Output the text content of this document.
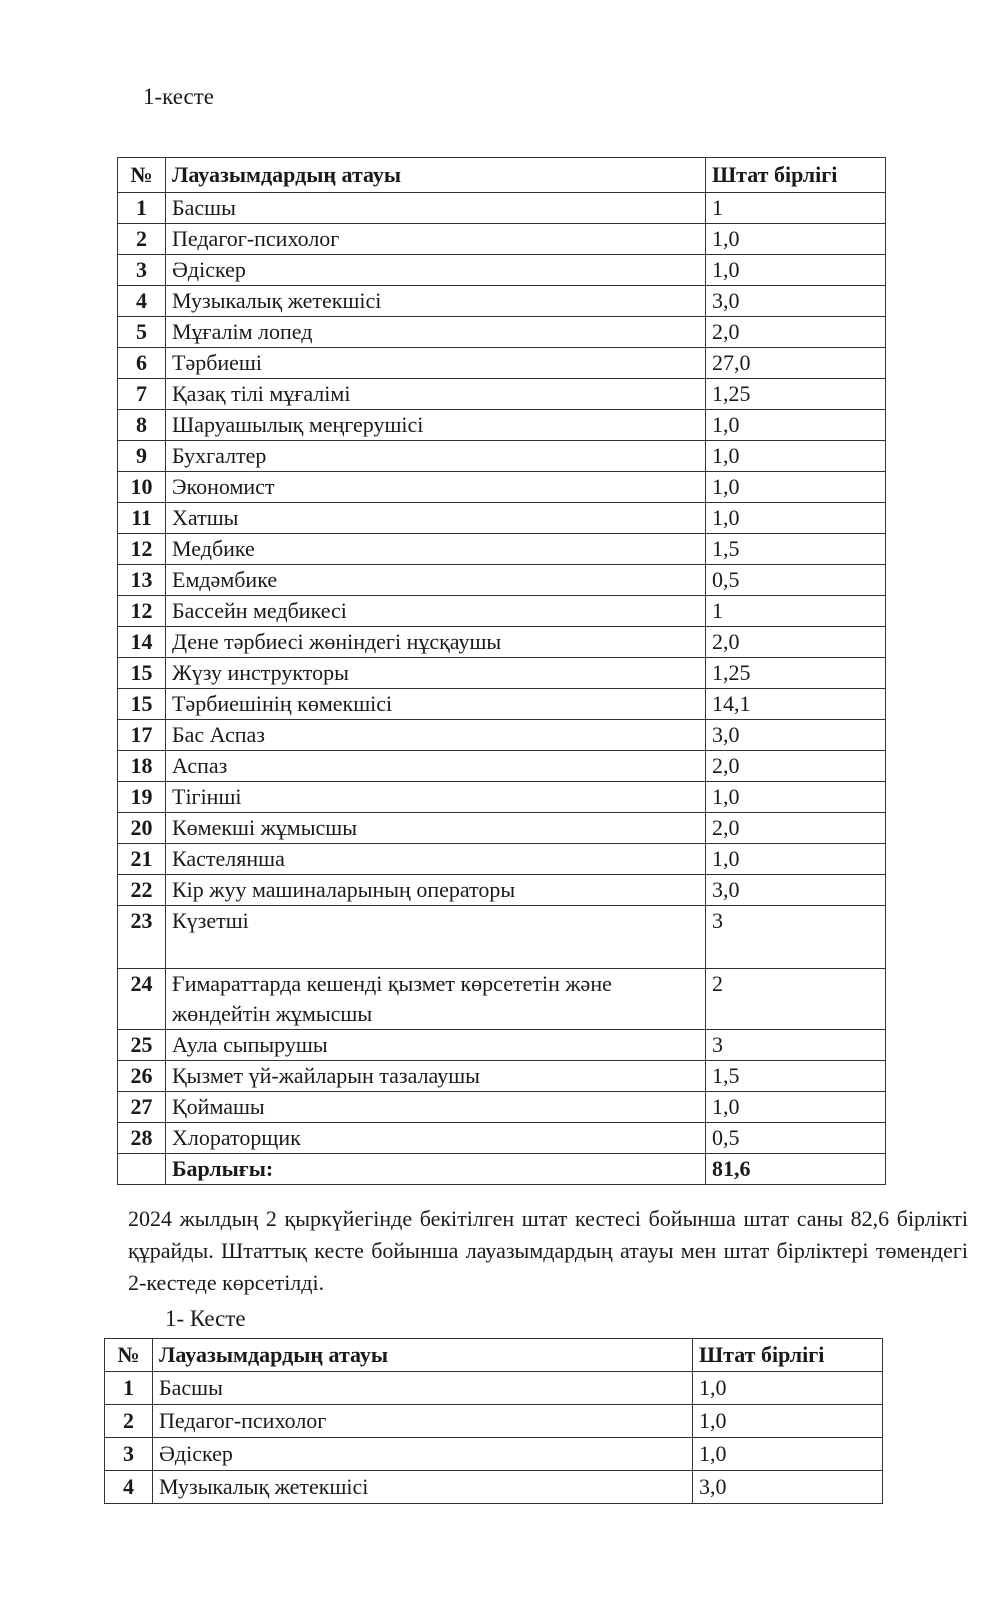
1-кесте
№	Лауазымдардың атауы	Штат бірлігі
1	Басшы	1
2	Педагог-психолог	1,0
3	Әдіскер	1,0
4	Музыкалық жетекшісі	3,0
5	Мұғалім лопед	2,0
6	Тәрбиеші	27,0
7	Қазақ тілі мұғалімі	1,25
8	Шаруашылық меңгерушісі	1,0
9	Бухгалтер	1,0
10	Экономист	1,0
11	Хатшы	1,0
12	Медбике	1,5
13	Емдәмбике	0,5
12	Бассейн медбикесі	1
14	Дене тәрбиесі жөніндегі нұсқаушы	2,0
15	Жүзу инструкторы	1,25
15	Тәрбиешінің көмекшісі	14,1
17	Бас Аспаз	3,0
18	Аспаз	2,0
19	Тігінші	1,0
20	Көмекші жұмысшы	2,0
21	Кастелянша	1,0
22	Кір жуу машиналарының операторы	3,0
23	Күзетші	3
24	Ғимараттарда кешенді қызмет көрсететін және жөндейтін жұмысшы	2
25	Аула сыпырушы	3
26	Қызмет үй-жайларын тазалаушы	1,5
27	Қоймашы	1,0
28	Хлораторщик	0,5
	Барлығы:	81,6
2024 жылдың 2 қыркүйегінде бекітілген штат кестесі бойынша штат саны 82,6 бірлікті құрайды. Штаттық кесте бойынша лауазымдардың атауы мен штат бірліктері төмендегі 2-кестеде көрсетілді.
1- Кесте
№	Лауазымдардың атауы	Штат бірлігі
1	Басшы	1,0
2	Педагог-психолог	1,0
3	Әдіскер	1,0
4	Музыкалық жетекшісі	3,0
